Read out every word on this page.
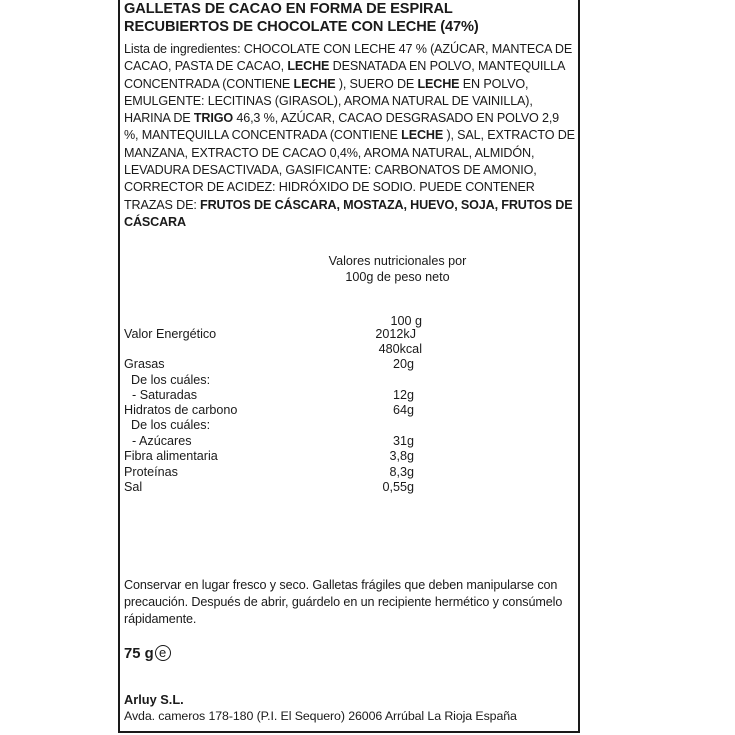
GALLETAS DE CACAO EN FORMA DE ESPIRAL
RECUBIERTOS DE CHOCOLATE CON LECHE (47%)
Lista de ingredientes: CHOCOLATE CON LECHE 47 % (AZÚCAR, MANTECA DE CACAO, PASTA DE CACAO, LECHE DESNATADA EN POLVO, MANTEQUILLA CONCENTRADA (CONTIENE LECHE ), SUERO DE LECHE EN POLVO, EMULGENTE: LECITINAS (GIRASOL), AROMA NATURAL DE VAINILLA), HARINA DE TRIGO 46,3 %, AZÚCAR, CACAO DESGRASADO EN POLVO 2,9 %, MANTEQUILLA CONCENTRADA (CONTIENE LECHE ), SAL, EXTRACTO DE MANZANA, EXTRACTO DE CACAO 0,4%, AROMA NATURAL, ALMIDÓN, LEVADURA DESACTIVADA, GASIFICANTE: CARBONATOS DE AMONIO, CORRECTOR DE ACIDEZ: HIDRÓXIDO DE SODIO. PUEDE CONTENER TRAZAS DE: FRUTOS DE CÁSCARA, MOSTAZA, HUEVO, SOJA, FRUTOS DE CÁSCARA
Valores nutricionales por
100g de peso neto
100 g
Valor Energético	2012kJ
480kcal
Grasas	20g
De los cuáles:
- Saturadas	12g
Hidratos de carbono	64g
De los cuáles:
- Azúcares	31g
Fibra alimentaria	3,8g
Proteínas	8,3g
Sal	0,55g
Conservar en lugar fresco y seco. Galletas frágiles que deben manipularse con precaución. Después de abrir, guárdelo en un recipiente hermético y consúmelo rápidamente.
75 g e
Arluy S.L.
Avda. cameros 178-180 (P.I. El Sequero) 26006 Arrúbal La Rioja España
